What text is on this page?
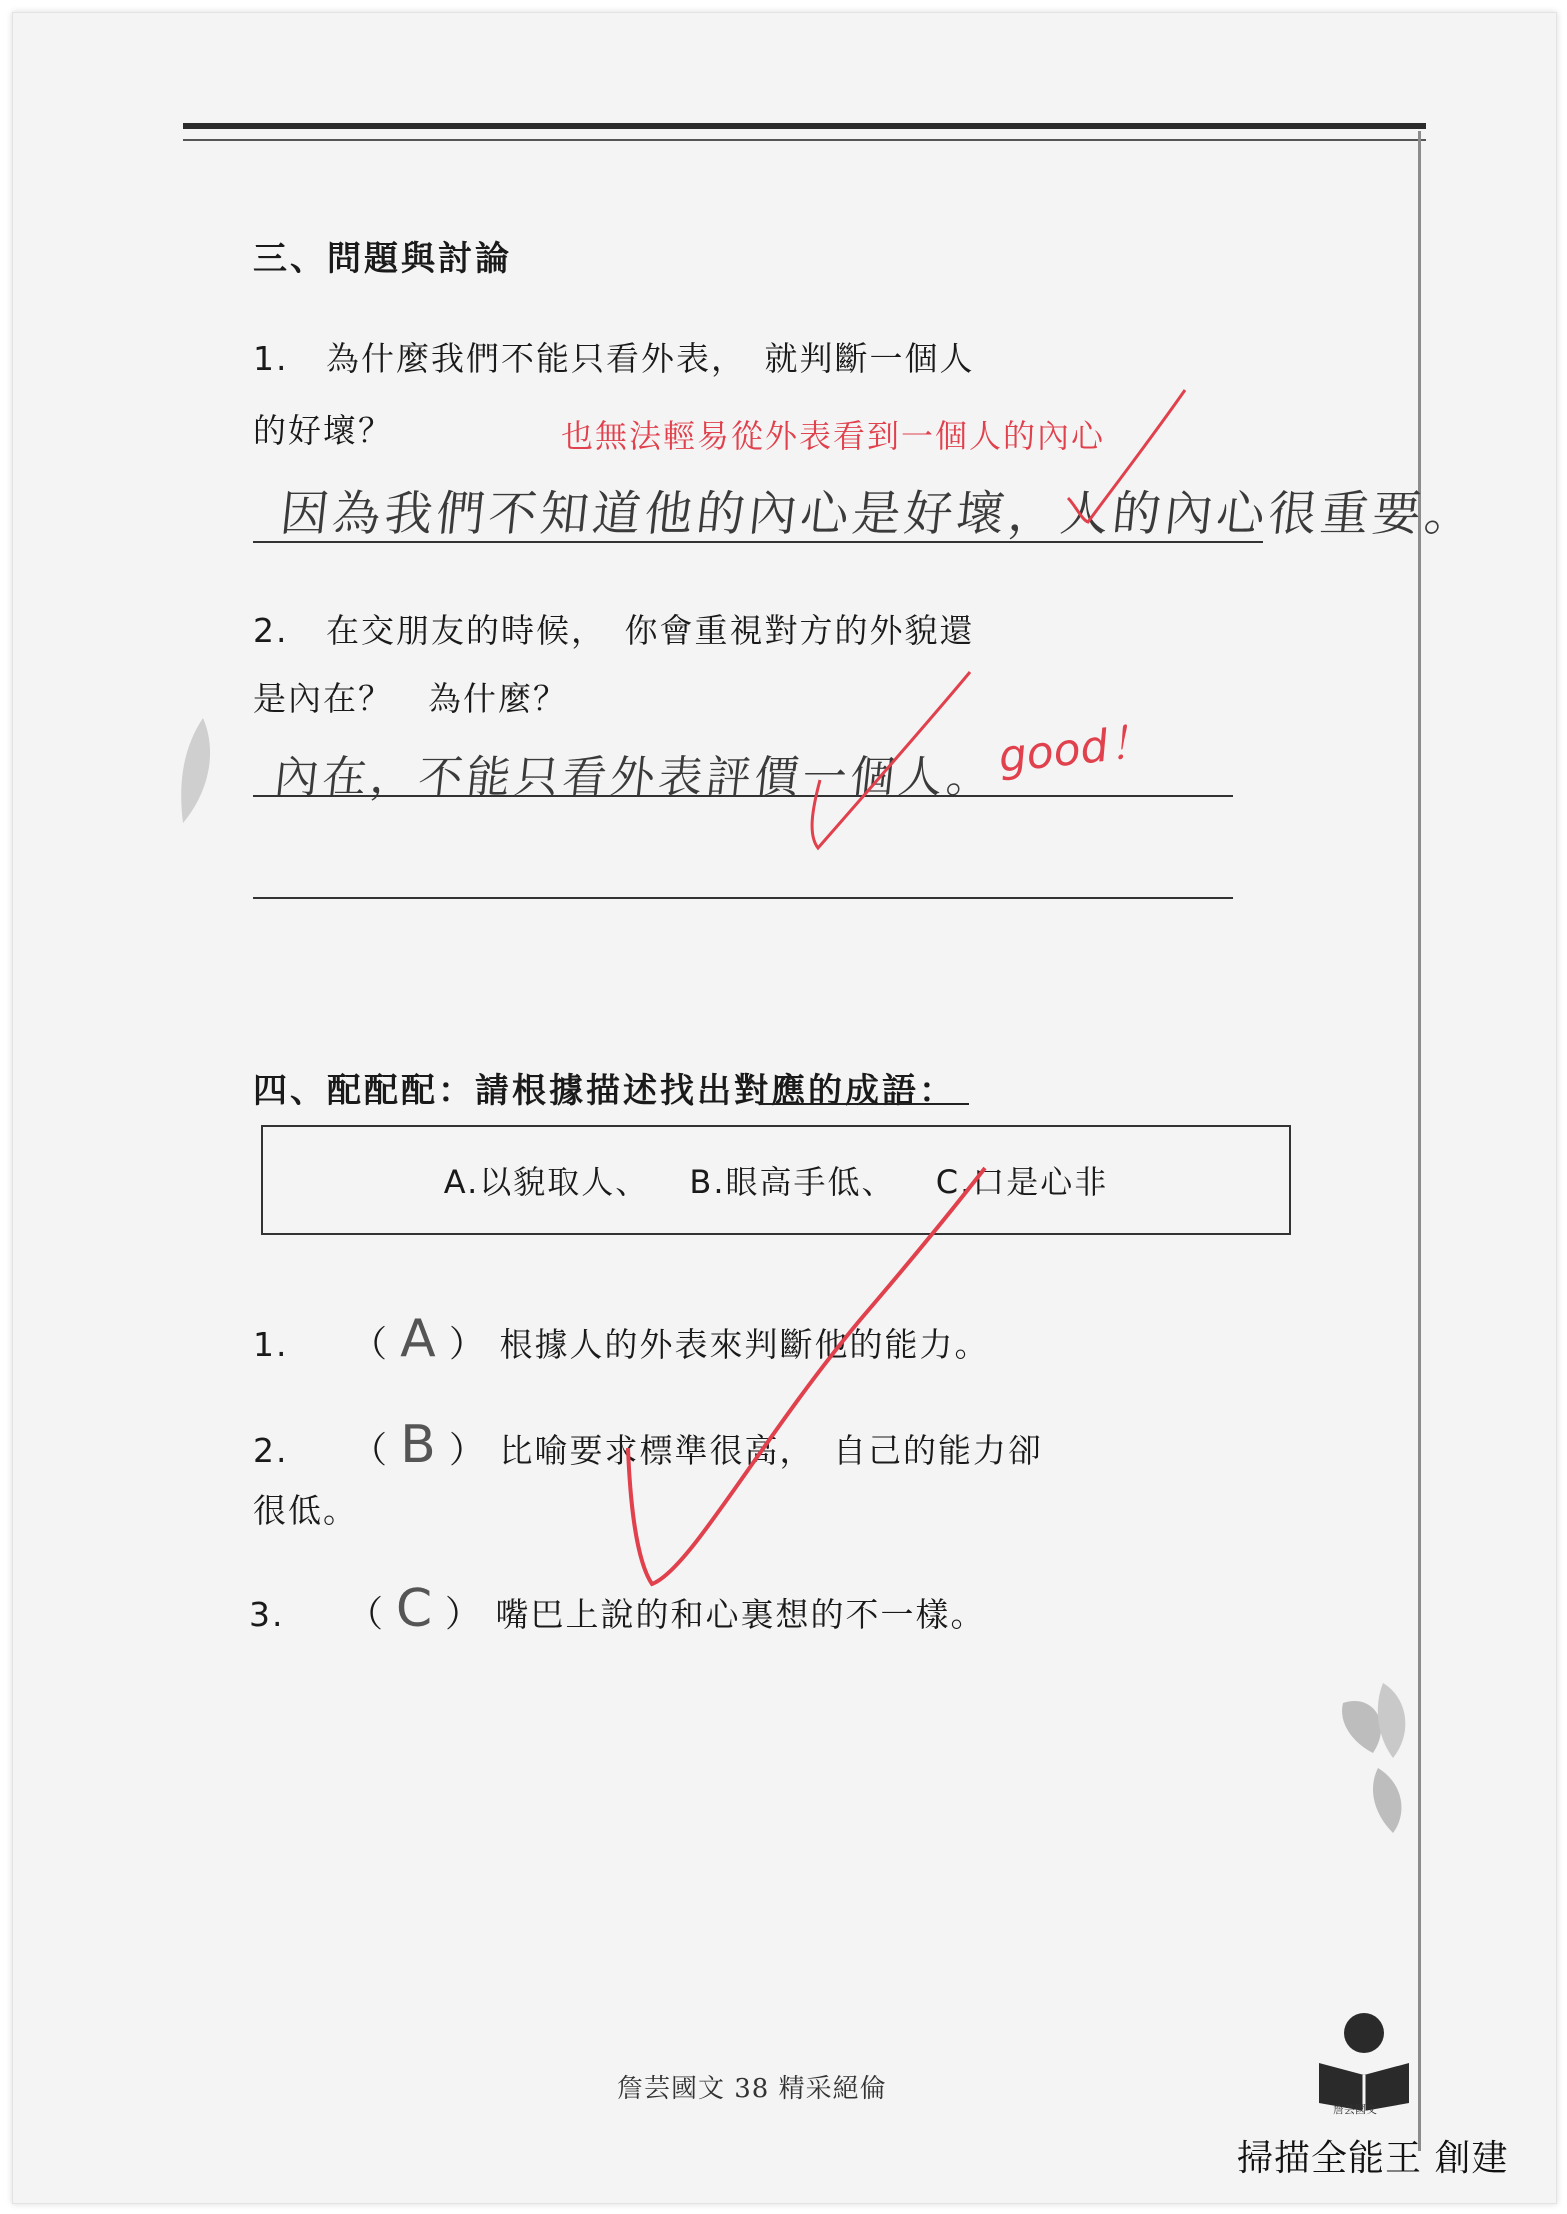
三、問題與討論
1. 為什麼我們不能只看外表，　就判斷一個人
的好壞？	也無法輕易從外表看到一個人的內心
因為我們不知道他的內心是好壞，人的內心很重要。
2. 在交朋友的時候，　你會重視對方的外貌還
是內在？　為什麼？
內在，不能只看外表評價一個人。 good！
四、配配配：請根據描述找出對應的成語：
A.以貌取人、 B.眼高手低、 C.口是心非
1. （ A ） 根據人的外表來判斷他的能力。
2. （ B ） 比喻要求標準很高，　自己的能力卻
很低。
3. （ C ） 嘴巴上說的和心裏想的不一樣。
詹芸國文 38 精采絕倫
詹芸國文
掃描全能王 創建
